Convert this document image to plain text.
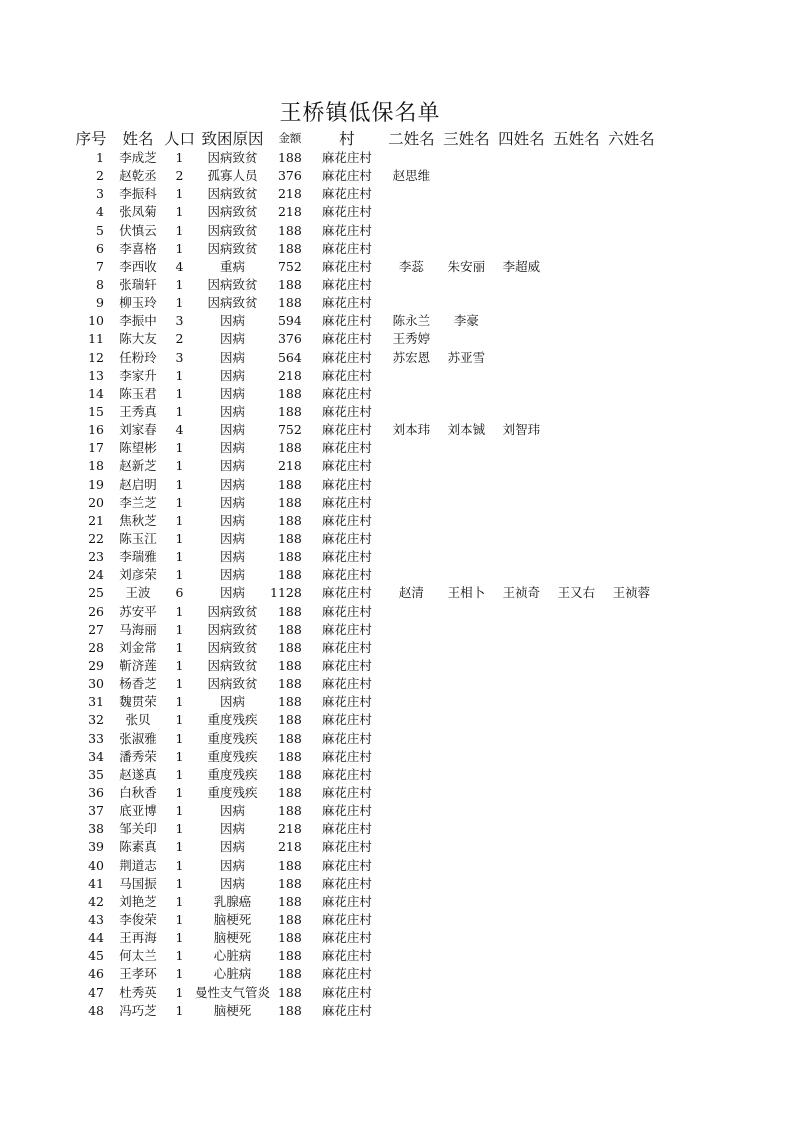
王桥镇低保名单
序号	姓名	人口	致困原因	金额	村	二姓名	三姓名	四姓名	五姓名	六姓名
1	李成芝	1	因病致贫	188	麻花庄村					
2	赵乾丞	2	孤寡人员	376	麻花庄村	赵思维				
3	李振科	1	因病致贫	218	麻花庄村					
4	张凤菊	1	因病致贫	218	麻花庄村					
5	伏慎云	1	因病致贫	188	麻花庄村					
6	李喜格	1	因病致贫	188	麻花庄村					
7	李西收	4	重病	752	麻花庄村	李蕊	朱安丽	李超威		
8	张瑞轩	1	因病致贫	188	麻花庄村					
9	柳玉玲	1	因病致贫	188	麻花庄村					
10	李振中	3	因病	594	麻花庄村	陈永兰	李豪			
11	陈大友	2	因病	376	麻花庄村	王秀婷				
12	任粉玲	3	因病	564	麻花庄村	苏宏恩	苏亚雪			
13	李家升	1	因病	218	麻花庄村					
14	陈玉君	1	因病	188	麻花庄村					
15	王秀真	1	因病	188	麻花庄村					
16	刘家春	4	因病	752	麻花庄村	刘本玮	刘本铖	刘智玮		
17	陈望彬	1	因病	188	麻花庄村					
18	赵新芝	1	因病	218	麻花庄村					
19	赵启明	1	因病	188	麻花庄村					
20	李兰芝	1	因病	188	麻花庄村					
21	焦秋芝	1	因病	188	麻花庄村					
22	陈玉江	1	因病	188	麻花庄村					
23	李瑞雅	1	因病	188	麻花庄村					
24	刘彦荣	1	因病	188	麻花庄村					
25	王波	6	因病	1128	麻花庄村	赵清	王相卜	王祯奇	王又右	王祯蓉
26	苏安平	1	因病致贫	188	麻花庄村					
27	马海丽	1	因病致贫	188	麻花庄村					
28	刘金常	1	因病致贫	188	麻花庄村					
29	靳济莲	1	因病致贫	188	麻花庄村					
30	杨香芝	1	因病致贫	188	麻花庄村					
31	魏贯荣	1	因病	188	麻花庄村					
32	张贝	1	重度残疾	188	麻花庄村					
33	张淑雅	1	重度残疾	188	麻花庄村					
34	潘秀荣	1	重度残疾	188	麻花庄村					
35	赵遂真	1	重度残疾	188	麻花庄村					
36	白秋香	1	重度残疾	188	麻花庄村					
37	底亚博	1	因病	188	麻花庄村					
38	邹关印	1	因病	218	麻花庄村					
39	陈素真	1	因病	218	麻花庄村					
40	荆道志	1	因病	188	麻花庄村					
41	马国振	1	因病	188	麻花庄村					
42	刘艳芝	1	乳腺癌	188	麻花庄村					
43	李俊荣	1	脑梗死	188	麻花庄村					
44	王再海	1	脑梗死	188	麻花庄村					
45	何太兰	1	心脏病	188	麻花庄村					
46	王孝环	1	心脏病	188	麻花庄村					
47	杜秀英	1	曼性支气管炎	188	麻花庄村					
48	冯巧芝	1	脑梗死	188	麻花庄村					
